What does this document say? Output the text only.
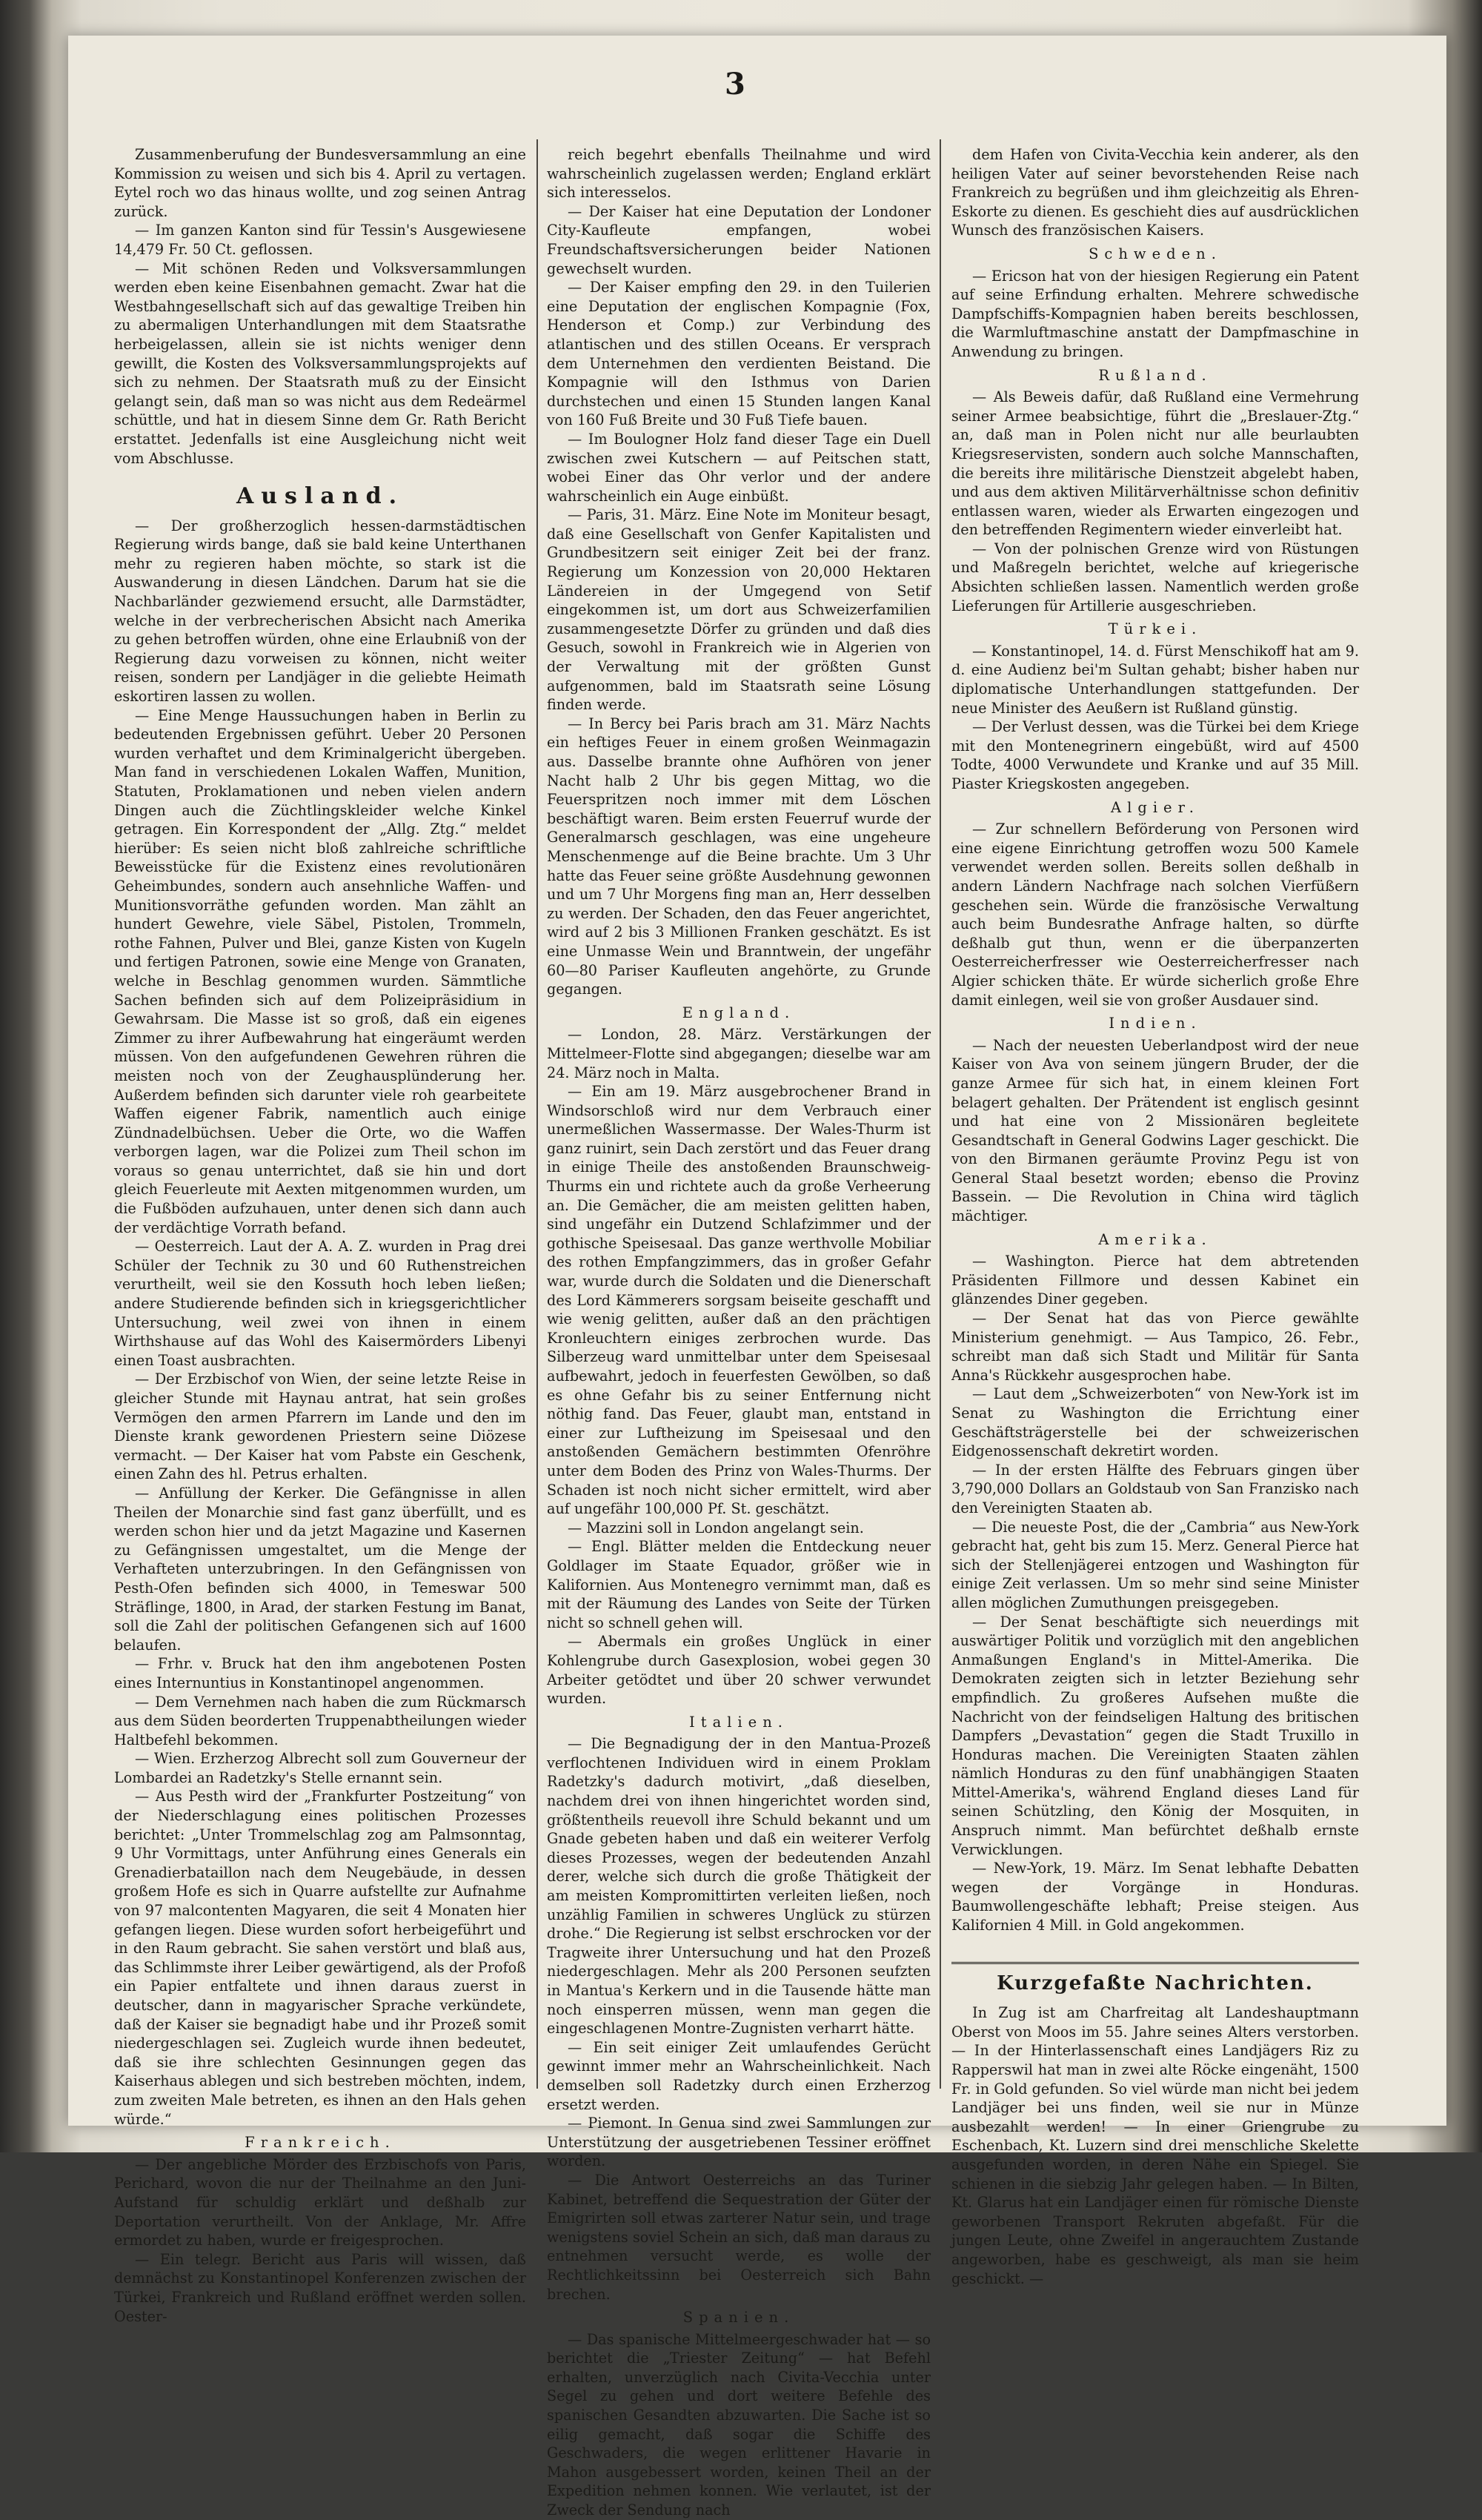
3

Zusammenberufung der Bundesversammlung an eine Kommission zu weisen und sich bis 4. April zu vertagen. Eytel roch wo das hinaus wollte, und zog seinen Antrag zurück.

— Im ganzen Kanton sind für Tessin's Ausgewiesene 14,479 Fr. 50 Ct. geflossen.

— Mit schönen Reden und Volksversammlungen werden eben keine Eisenbahnen gemacht. Zwar hat die Westbahngesellschaft sich auf das gewaltige Treiben hin zu abermaligen Unterhandlungen mit dem Staatsrathe herbeigelassen, allein sie ist nichts weniger denn gewillt, die Kosten des Volksversammlungsprojekts auf sich zu nehmen. Der Staatsrath muß zu der Einsicht gelangt sein, daß man so was nicht aus dem Redeärmel schüttle, und hat in diesem Sinne dem Gr. Rath Bericht erstattet. Jedenfalls ist eine Ausgleichung nicht weit vom Abschlusse.

Ausland.

— Der großherzoglich hessen-darmstädtischen Regierung wirds bange, daß sie bald keine Unterthanen mehr zu regieren haben möchte, so stark ist die Auswanderung in diesen Ländchen. Darum hat sie die Nachbarländer gezwiemend ersucht, alle Darmstädter, welche in der verbrecherischen Absicht nach Amerika zu gehen betroffen würden, ohne eine Erlaubniß von der Regierung dazu vorweisen zu können, nicht weiter reisen, sondern per Landjäger in die geliebte Heimath eskortiren lassen zu wollen.

— Eine Menge Haussuchungen haben in Berlin zu bedeutenden Ergebnissen geführt. Ueber 20 Personen wurden verhaftet und dem Kriminalgericht übergeben. Man fand in verschiedenen Lokalen Waffen, Munition, Statuten, Proklamationen und neben vielen andern Dingen auch die Züchtlingskleider welche Kinkel getragen. Ein Korrespondent der „Allg. Ztg.“ meldet hierüber: Es seien nicht bloß zahlreiche schriftliche Beweisstücke für die Existenz eines revolutionären Geheimbundes, sondern auch ansehnliche Waffen- und Munitionsvorräthe gefunden worden. Man zählt an hundert Gewehre, viele Säbel, Pistolen, Trommeln, rothe Fahnen, Pulver und Blei, ganze Kisten von Kugeln und fertigen Patronen, sowie eine Menge von Granaten, welche in Beschlag genommen wurden. Sämmtliche Sachen befinden sich auf dem Polizeipräsidium in Gewahrsam. Die Masse ist so groß, daß ein eigenes Zimmer zu ihrer Aufbewahrung hat eingeräumt werden müssen. Von den aufgefundenen Gewehren rühren die meisten noch von der Zeughausplünderung her. Außerdem befinden sich darunter viele roh gearbeitete Waffen eigener Fabrik, namentlich auch einige Zündnadelbüchsen. Ueber die Orte, wo die Waffen verborgen lagen, war die Polizei zum Theil schon im voraus so genau unterrichtet, daß sie hin und dort gleich Feuerleute mit Aexten mitgenommen wurden, um die Fußböden aufzuhauen, unter denen sich dann auch der verdächtige Vorrath befand.

— Oesterreich. Laut der A. A. Z. wurden in Prag drei Schüler der Technik zu 30 und 60 Ruthenstreichen verurtheilt, weil sie den Kossuth hoch leben ließen; andere Studierende befinden sich in kriegsgerichtlicher Untersuchung, weil zwei von ihnen in einem Wirthshause auf das Wohl des Kaisermörders Libenyi einen Toast ausbrachten.

— Der Erzbischof von Wien, der seine letzte Reise in gleicher Stunde mit Haynau antrat, hat sein großes Vermögen den armen Pfarrern im Lande und den im Dienste krank gewordenen Priestern seine Diözese vermacht. — Der Kaiser hat vom Pabste ein Geschenk, einen Zahn des hl. Petrus erhalten.

— Anfüllung der Kerker. Die Gefängnisse in allen Theilen der Monarchie sind fast ganz überfüllt, und es werden schon hier und da jetzt Magazine und Kasernen zu Gefängnissen umgestaltet, um die Menge der Verhafteten unterzubringen. In den Gefängnissen von Pesth-Ofen befinden sich 4000, in Temeswar 500 Sträflinge, 1800, in Arad, der starken Festung im Banat, soll die Zahl der politischen Gefangenen sich auf 1600 belaufen.

— Frhr. v. Bruck hat den ihm angebotenen Posten eines Internuntius in Konstantinopel angenommen.

— Dem Vernehmen nach haben die zum Rückmarsch aus dem Süden beorderten Truppenabtheilungen wieder Haltbefehl bekommen.

— Wien. Erzherzog Albrecht soll zum Gouverneur der Lombardei an Radetzky's Stelle ernannt sein.

— Aus Pesth wird der „Frankfurter Postzeitung“ von der Niederschlagung eines politischen Prozesses berichtet: „Unter Trommelschlag zog am Palmsonntag, 9 Uhr Vormittags, unter Anführung eines Generals ein Grenadierbataillon nach dem Neugebäude, in dessen großem Hofe es sich in Quarre aufstellte zur Aufnahme von 97 malcontenten Magyaren, die seit 4 Monaten hier gefangen liegen. Diese wurden sofort herbeigeführt und in den Raum gebracht. Sie sahen verstört und blaß aus, das Schlimmste ihrer Leiber gewärtigend, als der Profoß ein Papier entfaltete und ihnen daraus zuerst in deutscher, dann in magyarischer Sprache verkündete, daß der Kaiser sie begnadigt habe und ihr Prozeß somit niedergeschlagen sei. Zugleich wurde ihnen bedeutet, daß sie ihre schlechten Gesinnungen gegen das Kaiserhaus ablegen und sich bestreben möchten, indem, zum zweiten Male betreten, es ihnen an den Hals gehen würde.“

Frankreich.

— Der angebliche Mörder des Erzbischofs von Paris, Perichard, wovon die nur der Theilnahme an den Juni-Aufstand für schuldig erklärt und deßhalb zur Deportation verurtheilt. Von der Anklage, Mr. Affre ermordet zu haben, wurde er freigesprochen.

— Ein telegr. Bericht aus Paris will wissen, daß demnächst zu Konstantinopel Konferenzen zwischen der Türkei, Frankreich und Rußland eröffnet werden sollen. Oester-

reich begehrt ebenfalls Theilnahme und wird wahrscheinlich zugelassen werden; England erklärt sich interesselos.

— Der Kaiser hat eine Deputation der Londoner City-Kaufleute empfangen, wobei Freundschaftsversicherungen beider Nationen gewechselt wurden.

— Der Kaiser empfing den 29. in den Tuilerien eine Deputation der englischen Kompagnie (Fox, Henderson et Comp.) zur Verbindung des atlantischen und des stillen Oceans. Er versprach dem Unternehmen den verdienten Beistand. Die Kompagnie will den Isthmus von Darien durchstechen und einen 15 Stunden langen Kanal von 160 Fuß Breite und 30 Fuß Tiefe bauen.

— Im Boulogner Holz fand dieser Tage ein Duell zwischen zwei Kutschern — auf Peitschen statt, wobei Einer das Ohr verlor und der andere wahrscheinlich ein Auge einbüßt.

— Paris, 31. März. Eine Note im Moniteur besagt, daß eine Gesellschaft von Genfer Kapitalisten und Grundbesitzern seit einiger Zeit bei der franz. Regierung um Konzession von 20,000 Hektaren Ländereien in der Umgegend von Setif eingekommen ist, um dort aus Schweizerfamilien zusammengesetzte Dörfer zu gründen und daß dies Gesuch, sowohl in Frankreich wie in Algerien von der Verwaltung mit der größten Gunst aufgenommen, bald im Staatsrath seine Lösung finden werde.

— In Bercy bei Paris brach am 31. März Nachts ein heftiges Feuer in einem großen Weinmagazin aus. Dasselbe brannte ohne Aufhören von jener Nacht halb 2 Uhr bis gegen Mittag, wo die Feuerspritzen noch immer mit dem Löschen beschäftigt waren. Beim ersten Feuerruf wurde der Generalmarsch geschlagen, was eine ungeheure Menschenmenge auf die Beine brachte. Um 3 Uhr hatte das Feuer seine größte Ausdehnung gewonnen und um 7 Uhr Morgens fing man an, Herr desselben zu werden. Der Schaden, den das Feuer angerichtet, wird auf 2 bis 3 Millionen Franken geschätzt. Es ist eine Unmasse Wein und Branntwein, der ungefähr 60—80 Pariser Kaufleuten angehörte, zu Grunde gegangen.

England.

— London, 28. März. Verstärkungen der Mittelmeer-Flotte sind abgegangen; dieselbe war am 24. März noch in Malta.

— Ein am 19. März ausgebrochener Brand in Windsorschloß wird nur dem Verbrauch einer unermeßlichen Wassermasse. Der Wales-Thurm ist ganz ruinirt, sein Dach zerstört und das Feuer drang in einige Theile des anstoßenden Braunschweig-Thurms ein und richtete auch da große Verheerung an. Die Gemächer, die am meisten gelitten haben, sind ungefähr ein Dutzend Schlafzimmer und der gothische Speisesaal. Das ganze werthvolle Mobiliar des rothen Empfangzimmers, das in großer Gefahr war, wurde durch die Soldaten und die Dienerschaft des Lord Kämmerers sorgsam beiseite geschafft und wie wenig gelitten, außer daß an den prächtigen Kronleuchtern einiges zerbrochen wurde. Das Silberzeug ward unmittelbar unter dem Speisesaal aufbewahrt, jedoch in feuerfesten Gewölben, so daß es ohne Gefahr bis zu seiner Entfernung nicht nöthig fand. Das Feuer, glaubt man, entstand in einer zur Luftheizung im Speisesaal und den anstoßenden Gemächern bestimmten Ofenröhre unter dem Boden des Prinz von Wales-Thurms. Der Schaden ist noch nicht sicher ermittelt, wird aber auf ungefähr 100,000 Pf. St. geschätzt.

— Mazzini soll in London angelangt sein.

— Engl. Blätter melden die Entdeckung neuer Goldlager im Staate Equador, größer wie in Kalifornien. Aus Montenegro vernimmt man, daß es mit der Räumung des Landes von Seite der Türken nicht so schnell gehen will.

— Abermals ein großes Unglück in einer Kohlengrube durch Gasexplosion, wobei gegen 30 Arbeiter getödtet und über 20 schwer verwundet wurden.

Italien.

— Die Begnadigung der in den Mantua-Prozeß verflochtenen Individuen wird in einem Proklam Radetzky's dadurch motivirt, „daß dieselben, nachdem drei von ihnen hingerichtet worden sind, größtentheils reuevoll ihre Schuld bekannt und um Gnade gebeten haben und daß ein weiterer Verfolg dieses Prozesses, wegen der bedeutenden Anzahl derer, welche sich durch die große Thätigkeit der am meisten Kompromittirten verleiten ließen, noch unzählig Familien in schweres Unglück zu stürzen drohe.“ Die Regierung ist selbst erschrocken vor der Tragweite ihrer Untersuchung und hat den Prozeß niedergeschlagen. Mehr als 200 Personen seufzten in Mantua's Kerkern und in die Tausende hätte man noch einsperren müssen, wenn man gegen die eingeschlagenen Montre-Zugnisten verharrt hätte.

— Ein seit einiger Zeit umlaufendes Gerücht gewinnt immer mehr an Wahrscheinlichkeit. Nach demselben soll Radetzky durch einen Erzherzog ersetzt werden.

— Piemont. In Genua sind zwei Sammlungen zur Unterstützung der ausgetriebenen Tessiner eröffnet worden.

— Die Antwort Oesterreichs an das Turiner Kabinet, betreffend die Sequestration der Güter der Emigrirten soll etwas zarterer Natur sein, und trage wenigstens soviel Schein an sich, daß man daraus zu entnehmen versucht werde, es wolle der Rechtlichkeitssinn bei Oesterreich sich Bahn brechen.

Spanien.

— Das spanische Mittelmeergeschwader hat — so berichtet die „Triester Zeitung“ — hat Befehl erhalten, unverzüglich nach Civita-Vecchia unter Segel zu gehen und dort weitere Befehle des spanischen Gesandten abzuwarten. Die Sache ist so eilig gemacht, daß sogar die Schiffe des Geschwaders, die wegen erlittener Havarie in Mahon ausgebessert worden, keinen Theil an der Expedition nehmen konnen. Wie verlautet, ist der Zweck der Sendung nach

dem Hafen von Civita-Vecchia kein anderer, als den heiligen Vater auf seiner bevorstehenden Reise nach Frankreich zu begrüßen und ihm gleichzeitig als Ehren-Eskorte zu dienen. Es geschieht dies auf ausdrücklichen Wunsch des französischen Kaisers.

Schweden.

— Ericson hat von der hiesigen Regierung ein Patent auf seine Erfindung erhalten. Mehrere schwedische Dampfschiffs-Kompagnien haben bereits beschlossen, die Warmluftmaschine anstatt der Dampfmaschine in Anwendung zu bringen.

Rußland.

— Als Beweis dafür, daß Rußland eine Vermehrung seiner Armee beabsichtige, führt die „Breslauer-Ztg.“ an, daß man in Polen nicht nur alle beurlaubten Kriegsreservisten, sondern auch solche Mannschaften, die bereits ihre militärische Dienstzeit abgelebt haben, und aus dem aktiven Militärverhältnisse schon definitiv entlassen waren, wieder als Erwarten eingezogen und den betreffenden Regimentern wieder einverleibt hat.

— Von der polnischen Grenze wird von Rüstungen und Maßregeln berichtet, welche auf kriegerische Absichten schließen lassen. Namentlich werden große Lieferungen für Artillerie ausgeschrieben.

Türkei.

— Konstantinopel, 14. d. Fürst Menschikoff hat am 9. d. eine Audienz bei'm Sultan gehabt; bisher haben nur diplomatische Unterhandlungen stattgefunden. Der neue Minister des Aeußern ist Rußland günstig.

— Der Verlust dessen, was die Türkei bei dem Kriege mit den Montenegrinern eingebüßt, wird auf 4500 Todte, 4000 Verwundete und Kranke und auf 35 Mill. Piaster Kriegskosten angegeben.

Algier.

— Zur schnellern Beförderung von Personen wird eine eigene Einrichtung getroffen wozu 500 Kamele verwendet werden sollen. Bereits sollen deßhalb in andern Ländern Nachfrage nach solchen Vierfüßern geschehen sein. Würde die französische Verwaltung auch beim Bundesrathe Anfrage halten, so dürfte deßhalb gut thun, wenn er die überpanzerten Oesterreicherfresser wie Oesterreicherfresser nach Algier schicken thäte. Er würde sicherlich große Ehre damit einlegen, weil sie von großer Ausdauer sind.

Indien.

— Nach der neuesten Ueberlandpost wird der neue Kaiser von Ava von seinem jüngern Bruder, der die ganze Armee für sich hat, in einem kleinen Fort belagert gehalten. Der Prätendent ist englisch gesinnt und hat eine von 2 Missionären begleitete Gesandtschaft in General Godwins Lager geschickt. Die von den Birmanen geräumte Provinz Pegu ist von General Staal besetzt worden; ebenso die Provinz Bassein. — Die Revolution in China wird täglich mächtiger.

Amerika.

— Washington. Pierce hat dem abtretenden Präsidenten Fillmore und dessen Kabinet ein glänzendes Diner gegeben.

— Der Senat hat das von Pierce gewählte Ministerium genehmigt. — Aus Tampico, 26. Febr., schreibt man daß sich Stadt und Militär für Santa Anna's Rückkehr ausgesprochen habe.

— Laut dem „Schweizerboten“ von New-York ist im Senat zu Washington die Errichtung einer Geschäftsträgerstelle bei der schweizerischen Eidgenossenschaft dekretirt worden.

— In der ersten Hälfte des Februars gingen über 3,790,000 Dollars an Goldstaub von San Franzisko nach den Vereinigten Staaten ab.

— Die neueste Post, die der „Cambria“ aus New-York gebracht hat, geht bis zum 15. Merz. General Pierce hat sich der Stellenjägerei entzogen und Washington für einige Zeit verlassen. Um so mehr sind seine Minister allen möglichen Zumuthungen preisgegeben.

— Der Senat beschäftigte sich neuerdings mit auswärtiger Politik und vorzüglich mit den angeblichen Anmaßungen England's in Mittel-Amerika. Die Demokraten zeigten sich in letzter Beziehung sehr empfindlich. Zu großeres Aufsehen mußte die Nachricht von der feindseligen Haltung des britischen Dampfers „Devastation“ gegen die Stadt Truxillo in Honduras machen. Die Vereinigten Staaten zählen nämlich Honduras zu den fünf unabhängigen Staaten Mittel-Amerika's, während England dieses Land für seinen Schützling, den König der Mosquiten, in Anspruch nimmt. Man befürchtet deßhalb ernste Verwicklungen.

— New-York, 19. März. Im Senat lebhafte Debatten wegen der Vorgänge in Honduras. Baumwollengeschäfte lebhaft; Preise steigen. Aus Kalifornien 4 Mill. in Gold angekommen.

Kurzgefaßte Nachrichten.

In Zug ist am Charfreitag alt Landeshauptmann Oberst von Moos im 55. Jahre seines Alters verstorben. — In der Hinterlassenschaft eines Landjägers Riz zu Rapperswil hat man in zwei alte Röcke eingenäht, 1500 Fr. in Gold gefunden. So viel würde man nicht bei jedem Landjäger bei uns finden, weil sie nur in Münze ausbezahlt werden! — In einer Griengrube zu Eschenbach, Kt. Luzern sind drei menschliche Skelette ausgefunden worden, in deren Nähe ein Spiegel. Sie schienen in die siebzig Jahr gelegen haben. — In Bilten, Kt. Glarus hat ein Landjäger einen für römische Dienste geworbenen Transport Rekruten abgefaßt. Für die jungen Leute, ohne Zweifel in angerauchtem Zustande angeworben, habe es geschweigt, als man sie heim geschickt. —
